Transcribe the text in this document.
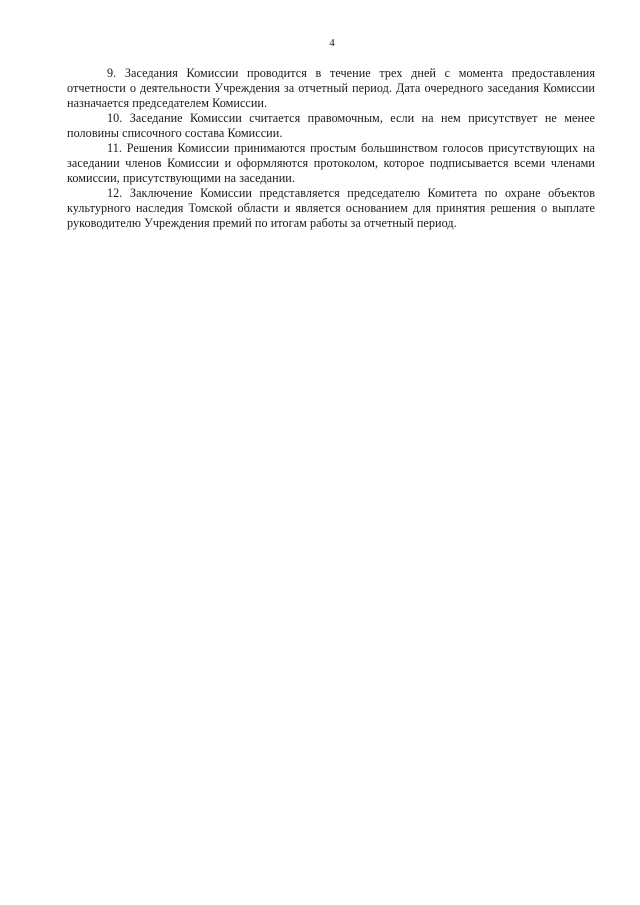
4

9. Заседания Комиссии проводится в течение трех дней с момента предоставления отчетности о деятельности Учреждения за отчетный период. Дата очередного заседания Комиссии назначается председателем Комиссии.

10. Заседание Комиссии считается правомочным, если на нем присутствует не менее половины списочного состава Комиссии.

11. Решения Комиссии принимаются простым большинством голосов присутствующих на заседании членов Комиссии и оформляются протоколом, которое подписывается всеми членами комиссии, присутствующими на заседании.

12. Заключение Комиссии представляется председателю Комитета по охране объектов культурного наследия Томской области и является основанием для принятия решения о выплате руководителю Учреждения премий по итогам работы за отчетный период.
